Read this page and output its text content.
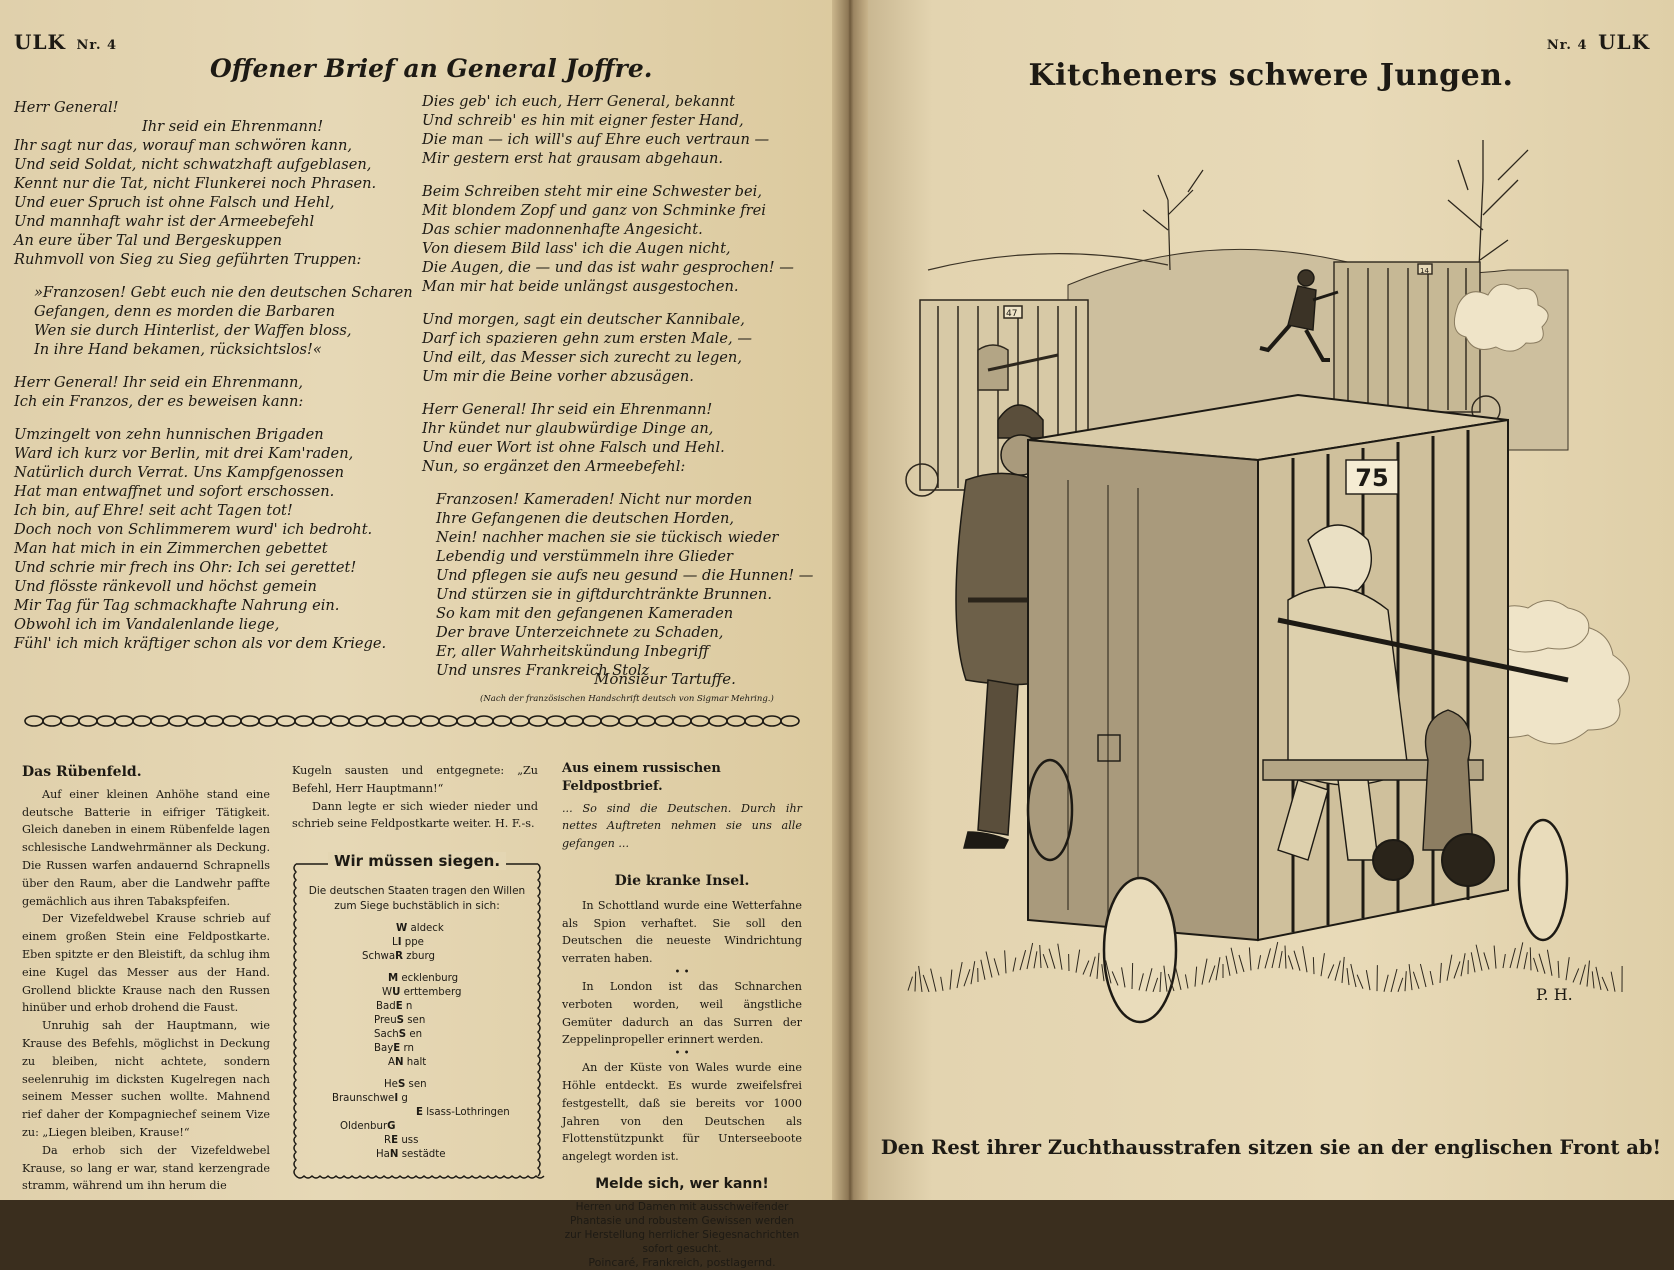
ULK Nr. 4
Offener Brief an General Joffre.
Herr General!
Ihr seid ein Ehrenmann!
Ihr sagt nur das, worauf man schwören kann,
Und seid Soldat, nicht schwatzhaft aufgeblasen,
Kennt nur die Tat, nicht Flunkerei noch Phrasen.
Und euer Spruch ist ohne Falsch und Hehl,
Und mannhaft wahr ist der Armeebefehl
An eure über Tal und Bergeskuppen
Ruhmvoll von Sieg zu Sieg geführten Truppen:
»Franzosen! Gebt euch nie den deutschen Scharen
Gefangen, denn es morden die Barbaren
Wen sie durch Hinterlist, der Waffen bloss,
In ihre Hand bekamen, rücksichtslos!«
Herr General! Ihr seid ein Ehrenmann,
Ich ein Franzos, der es beweisen kann:
Umzingelt von zehn hunnischen Brigaden
Ward ich kurz vor Berlin, mit drei Kam'raden,
Natürlich durch Verrat. Uns Kampfgenossen
Hat man entwaffnet und sofort erschossen.
Ich bin, auf Ehre! seit acht Tagen tot!
Doch noch von Schlimmerem wurd' ich bedroht.
Man hat mich in ein Zimmerchen gebettet
Und schrie mir frech ins Ohr: Ich sei gerettet!
Und flösste ränkevoll und höchst gemein
Mir Tag für Tag schmackhafte Nahrung ein.
Obwohl ich im Vandalenlande liege,
Fühl' ich mich kräftiger schon als vor dem Kriege.
Dies geb' ich euch, Herr General, bekannt
Und schreib' es hin mit eigner fester Hand,
Die man — ich will's auf Ehre euch vertraun —
Mir gestern erst hat grausam abgehaun.
Beim Schreiben steht mir eine Schwester bei,
Mit blondem Zopf und ganz von Schminke frei
Das schier madonnenhafte Angesicht.
Von diesem Bild lass' ich die Augen nicht,
Die Augen, die — und das ist wahr gesprochen! —
Man mir hat beide unlängst ausgestochen.
Und morgen, sagt ein deutscher Kannibale,
Darf ich spazieren gehn zum ersten Male, —
Und eilt, das Messer sich zurecht zu legen,
Um mir die Beine vorher abzusägen.
Herr General! Ihr seid ein Ehrenmann!
Ihr kündet nur glaubwürdige Dinge an,
Und euer Wort ist ohne Falsch und Hehl.
Nun, so ergänzet den Armeebefehl:
Franzosen! Kameraden! Nicht nur morden
Ihre Gefangenen die deutschen Horden,
Nein! nachher machen sie sie tückisch wieder
Lebendig und verstümmeln ihre Glieder
Und pflegen sie aufs neu gesund — die Hunnen! —
Und stürzen sie in giftdurchtränkte Brunnen.
So kam mit den gefangenen Kameraden
Der brave Unterzeichnete zu Schaden,
Er, aller Wahrheitskündung Inbegriff
Und unsres Frankreich Stolz
Monsieur Tartuffe.
(Nach der französischen Handschrift deutsch von Sigmar Mehring.)

Das Rübenfeld.

Auf einer kleinen Anhöhe stand eine deutsche Batterie in eifriger Tätigkeit. Gleich daneben in einem Rübenfelde lagen schlesische Landwehrmänner als Deckung. Die Russen warfen andauernd Schrapnells über den Raum, aber die Landwehr paffte gemächlich aus ihren Tabakspfeifen.

Der Vizefeldwebel Krause schrieb auf einem großen Stein eine Feldpostkarte. Eben spitzte er den Bleistift, da schlug ihm eine Kugel das Messer aus der Hand. Grollend blickte Krause nach den Russen hinüber und erhob drohend die Faust.

Unruhig sah der Hauptmann, wie Krause des Befehls, möglichst in Deckung zu bleiben, nicht achtete, sondern seelenruhig im dicksten Kugelregen nach seinem Messer suchen wollte. Mahnend rief daher der Kompagniechef seinem Vize zu: „Liegen bleiben, Krause!“

Da erhob sich der Vizefeldwebel Krause, so lang er war, stand kerzengrade stramm, während um ihn herum die

Kugeln sausten und entgegnete: „Zu Befehl, Herr Hauptmann!“

Dann legte er sich wieder nieder und schrieb seine Feldpostkarte weiter. H. F.-s.

Wir müssen siegen.
Die deutschen Staaten tragen den Willen zum Siege buchstäblich in sich:
W aldeck
LI ppe
SchwaR zburg
M ecklenburg
WU erttemberg
BadE n
PreuS sen
SachS en
BayE rn
AN halt
HeS sen
BraunschweI g
E lsass-Lothringen
OldenburG
RE uss
HaN sestädte

Aus einem russischen Feldpostbrief.

... So sind die Deutschen. Durch ihr nettes Auftreten nehmen sie uns alle gefangen ...

Die kranke Insel.

In Schottland wurde eine Wetterfahne als Spion verhaftet. Sie soll den Deutschen die neueste Windrichtung verraten haben.

• •

In London ist das Schnarchen verboten worden, weil ängstliche Gemüter dadurch an das Surren der Zeppelinpropeller erinnert werden.

• •

An der Küste von Wales wurde eine Höhle entdeckt. Es wurde zweifelsfrei festgestellt, daß sie bereits vor 1000 Jahren von den Deutschen als Flottenstützpunkt für Unterseeboote angelegt worden ist.

Melde sich, wer kann!

Herren und Damen mit ausschweifender Phantasie und robustem Gewissen werden zur Herstellung herrlicher Siegesnachrichten sofort gesucht.

Poincaré, Frankreich, postlagernd.

Nr. 4 ULK
Kitcheners schwere Jungen.
14
47
75
P. H.
Den Rest ihrer Zuchthausstrafen sitzen sie an der englischen Front ab!
